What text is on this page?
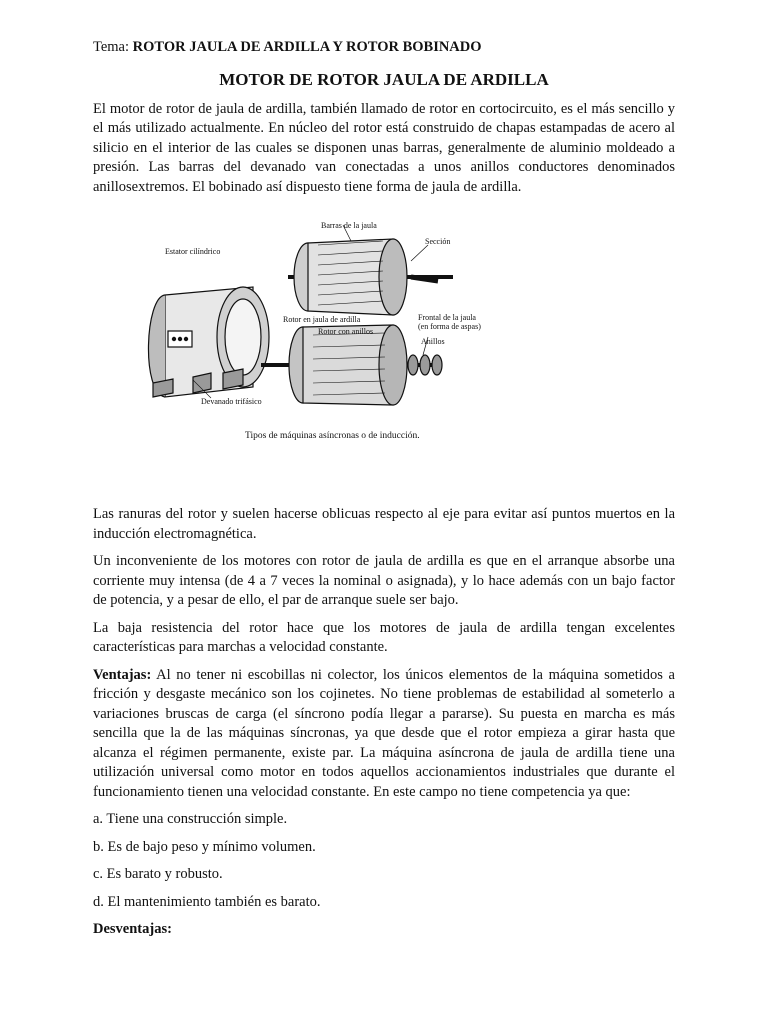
Tema: ROTOR JAULA DE ARDILLA Y ROTOR BOBINADO

MOTOR DE ROTOR JAULA DE ARDILLA

El motor de rotor de jaula de ardilla, también llamado de rotor en cortocircuito, es el más sencillo y el más utilizado actualmente. En núcleo del rotor está construido de chapas estampadas de acero al silicio en el interior de las cuales se disponen unas barras, generalmente de aluminio moldeado a presión. Las barras del devanado van conectadas a unos anillos conductores denominados anillosextremos. El bobinado así dispuesto tiene forma de jaula de ardilla.

Barras de la jaula
Sección
Estator cilíndrico
Rotor en jaula de ardilla
Rotor con anillos
Frontal de la jaula
(en forma de aspas)
Anillos
Devanado trifásico
Tipos de máquinas asíncronas o de inducción.

Las ranuras del rotor y suelen hacerse oblicuas respecto al eje para evitar así puntos muertos en la inducción electromagnética.

Un inconveniente de los motores con rotor de jaula de ardilla es que en el arranque absorbe una corriente muy intensa (de 4 a 7 veces la nominal o asignada), y lo hace además con un bajo factor de potencia, y a pesar de ello, el par de arranque suele ser bajo.

La baja resistencia del rotor hace que los motores de jaula de ardilla tengan excelentes características para marchas a velocidad constante.

Ventajas: Al no tener ni escobillas ni colector, los únicos elementos de la máquina sometidos a fricción y desgaste mecánico son los cojinetes. No tiene problemas de estabilidad al someterlo a variaciones bruscas de carga (el síncrono podía llegar a pararse). Su puesta en marcha es más sencilla que la de las máquinas síncronas, ya que desde que el rotor empieza a girar hasta que alcanza el régimen permanente, existe par. La máquina asíncrona de jaula de ardilla tiene una utilización universal como motor en todos aquellos accionamientos industriales que durante el funcionamiento tienen una velocidad constante. En este campo no tiene competencia ya que:

a. Tiene una construcción simple.

b. Es de bajo peso y mínimo volumen.

c. Es barato y robusto.

d. El mantenimiento también es barato.

Desventajas:
